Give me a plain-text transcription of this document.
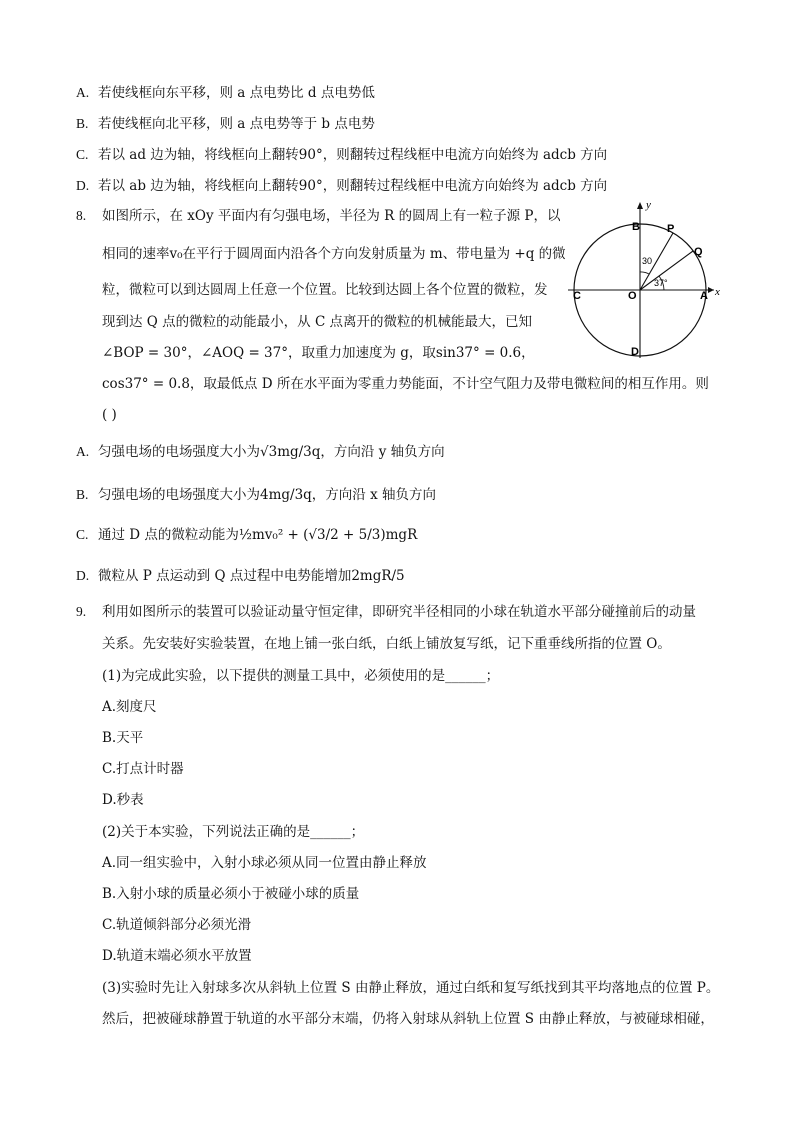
A. 若使线框向东平移，则 a 点电势比 d 点电势低
B. 若使线框向北平移，则 a 点电势等于 b 点电势
C. 若以 ad 边为轴，将线框向上翻转90°，则翻转过程线框中电流方向始终为 adcb 方向
D. 若以 ab 边为轴，将线框向上翻转90°，则翻转过程线框中电流方向始终为 adcb 方向
8. 如图所示，在 xOy 平面内有匀强电场，半径为 R 的圆周上有一粒子源 P，以
相同的速率v₀在平行于圆周面内沿各个方向发射质量为 m、带电量为 +q 的微
粒，微粒可以到达圆周上任意一个位置。比较到达圆上各个位置的微粒，发
现到达 Q 点的微粒的动能最小，从 C 点离开的微粒的机械能最大，已知
∠BOP = 30°，∠AOQ = 37°，取重力加速度为 g，取sin37° = 0.6，
cos37° = 0.8，取最低点 D 所在水平面为零重力势能面，不计空气阻力及带电微粒间的相互作用。则
( )
y
x
B P
Q
C	O	A
D
30
37°
A. 匀强电场的电场强度大小为√3mg/3q，方向沿 y 轴负方向
B. 匀强电场的电场强度大小为4mg/3q，方向沿 x 轴负方向
C. 通过 D 点的微粒动能为½mv₀² + (√3/2 + 5/3)mgR
D. 微粒从 P 点运动到 Q 点过程中电势能增加2mgR/5
9. 利用如图所示的装置可以验证动量守恒定律，即研究半径相同的小球在轨道水平部分碰撞前后的动量
关系。先安装好实验装置，在地上铺一张白纸，白纸上铺放复写纸，记下重垂线所指的位置 O。
(1)为完成此实验，以下提供的测量工具中，必须使用的是______；
A.刻度尺
B.天平
C.打点计时器
D.秒表
(2)关于本实验，下列说法正确的是______；
A.同一组实验中，入射小球必须从同一位置由静止释放
B.入射小球的质量必须小于被碰小球的质量
C.轨道倾斜部分必须光滑
D.轨道末端必须水平放置
(3)实验时先让入射球多次从斜轨上位置 S 由静止释放，通过白纸和复写纸找到其平均落地点的位置 P。
然后，把被碰球静置于轨道的水平部分末端，仍将入射球从斜轨上位置 S 由静止释放，与被碰球相碰，
